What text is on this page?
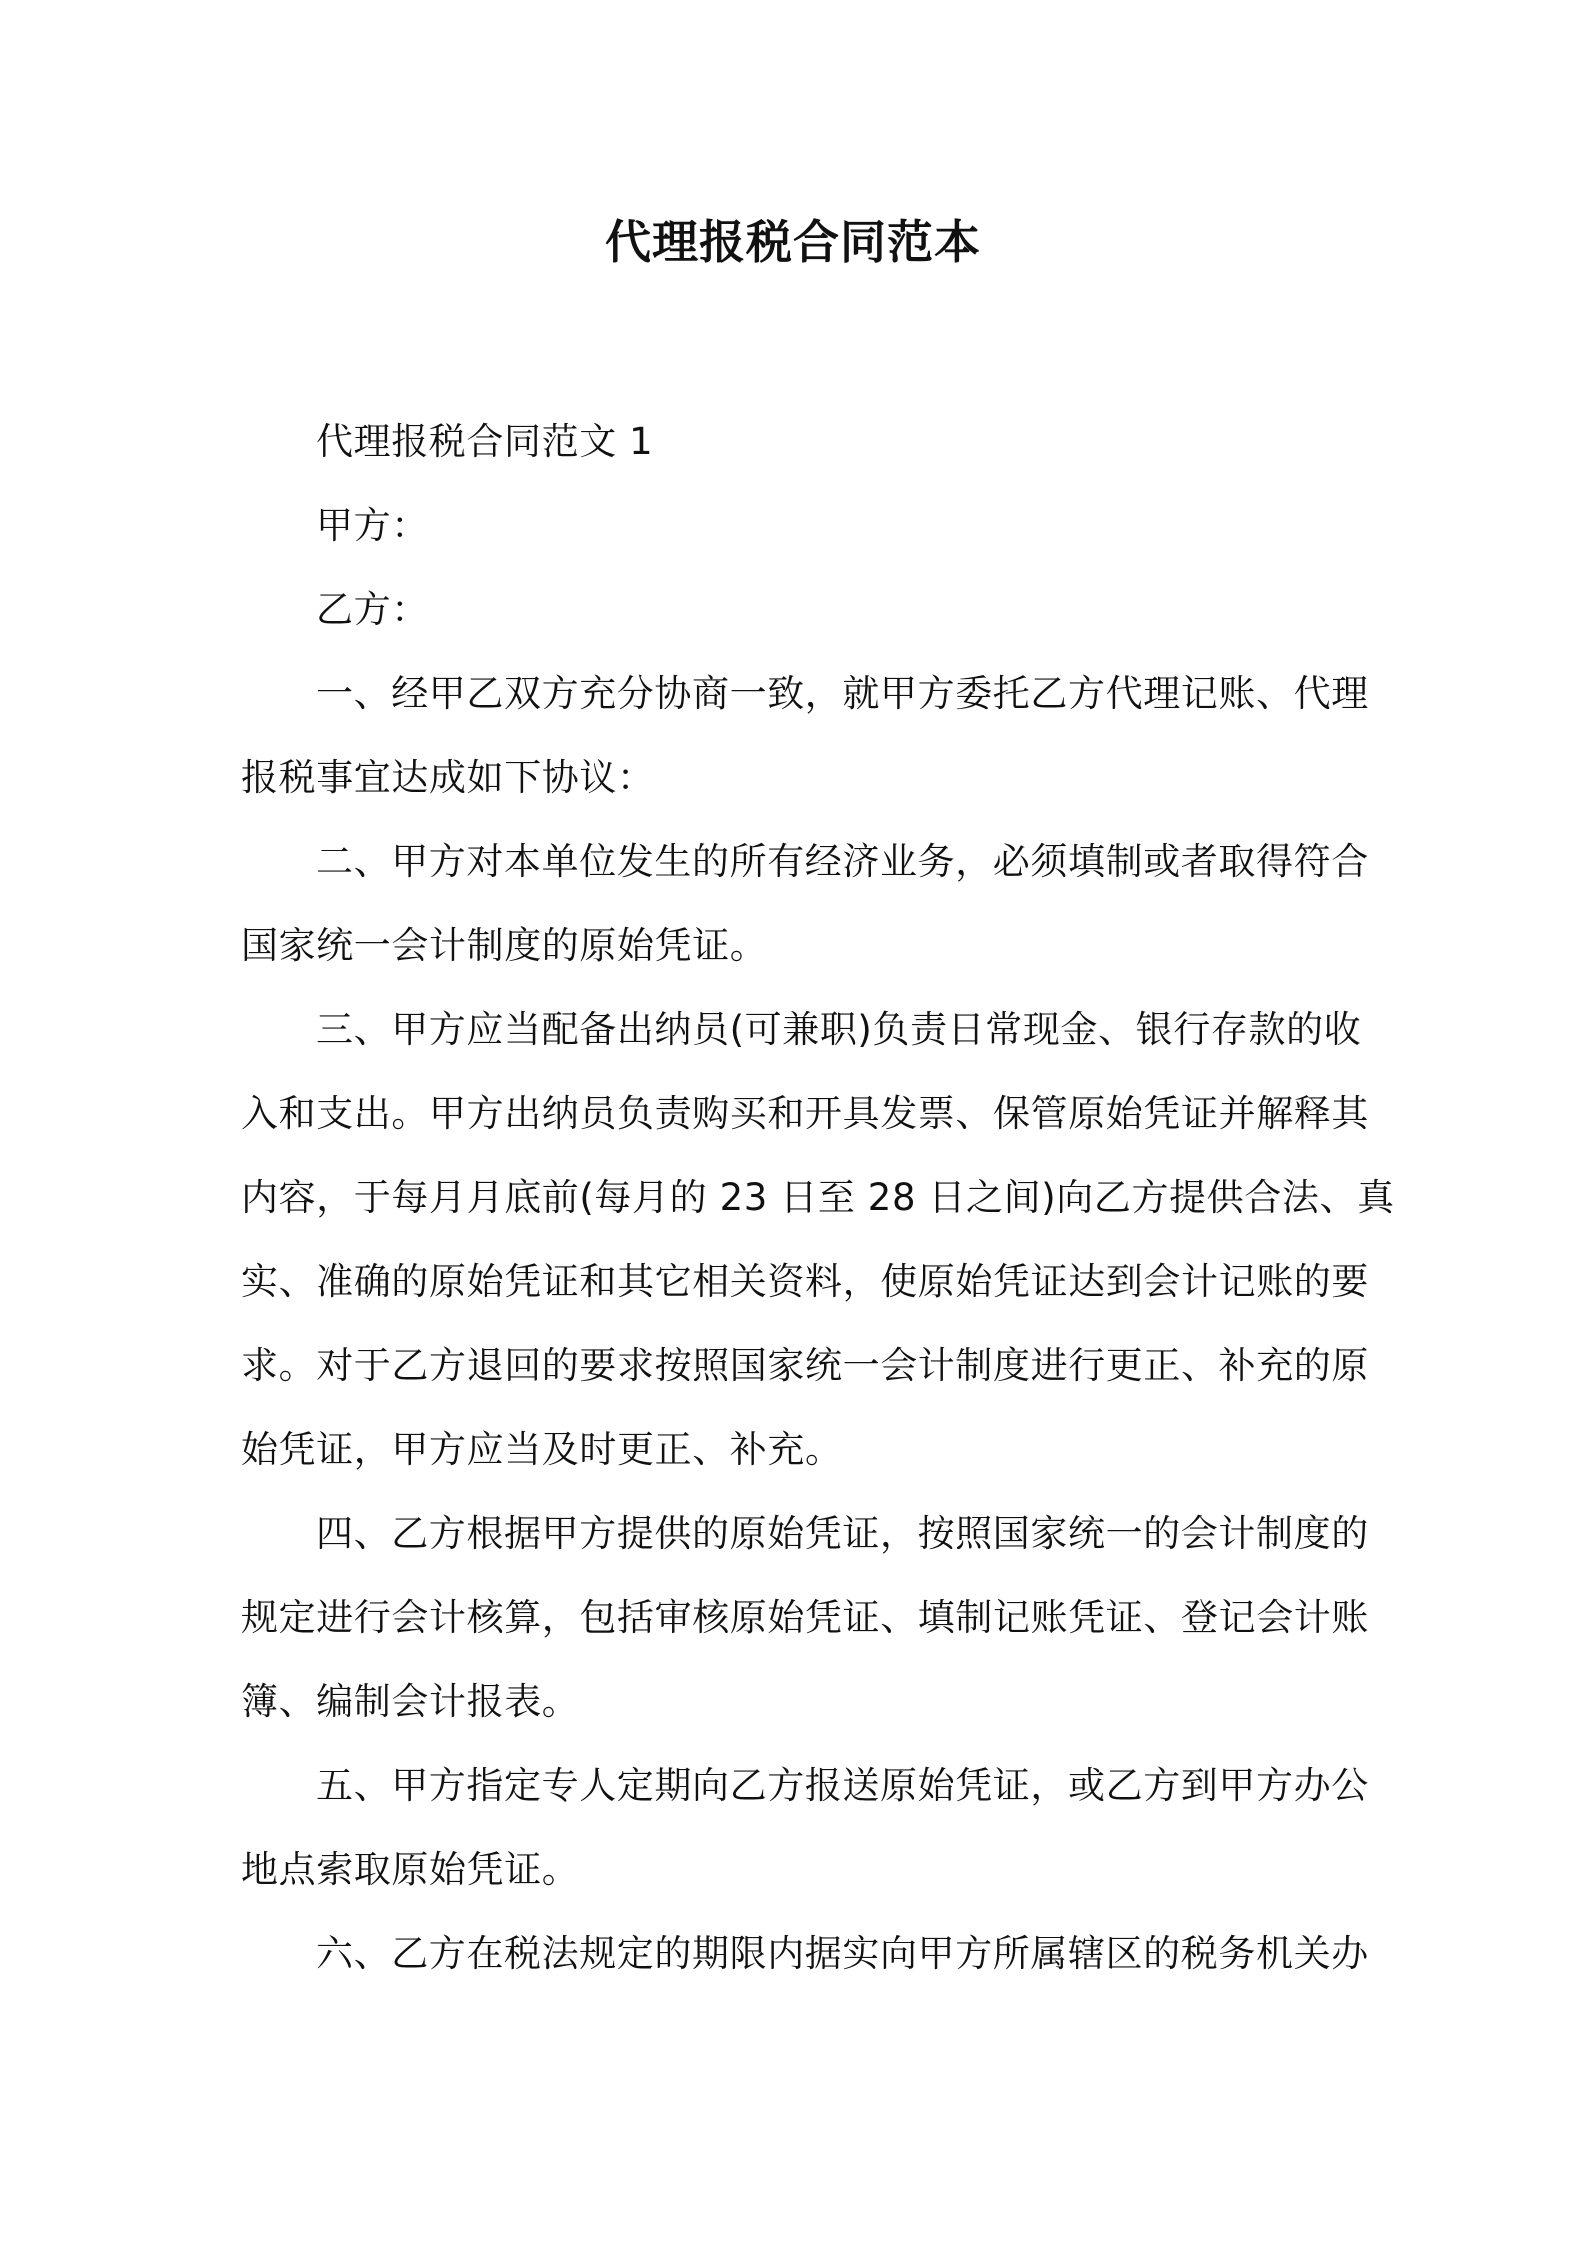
代理报税合同范本

代理报税合同范文 1

甲方：

乙方：

一、经甲乙双方充分协商一致，就甲方委托乙方代理记账、代理

报税事宜达成如下协议：

二、甲方对本单位发生的所有经济业务，必须填制或者取得符合

国家统一会计制度的原始凭证。

三、甲方应当配备出纳员(可兼职)负责日常现金、银行存款的收

入和支出。甲方出纳员负责购买和开具发票、保管原始凭证并解释其

内容，于每月月底前(每月的 23 日至 28 日之间)向乙方提供合法、真

实、准确的原始凭证和其它相关资料，使原始凭证达到会计记账的要

求。对于乙方退回的要求按照国家统一会计制度进行更正、补充的原

始凭证，甲方应当及时更正、补充。

四、乙方根据甲方提供的原始凭证，按照国家统一的会计制度的

规定进行会计核算，包括审核原始凭证、填制记账凭证、登记会计账

簿、编制会计报表。

五、甲方指定专人定期向乙方报送原始凭证，或乙方到甲方办公

地点索取原始凭证。

六、乙方在税法规定的期限内据实向甲方所属辖区的税务机关办
